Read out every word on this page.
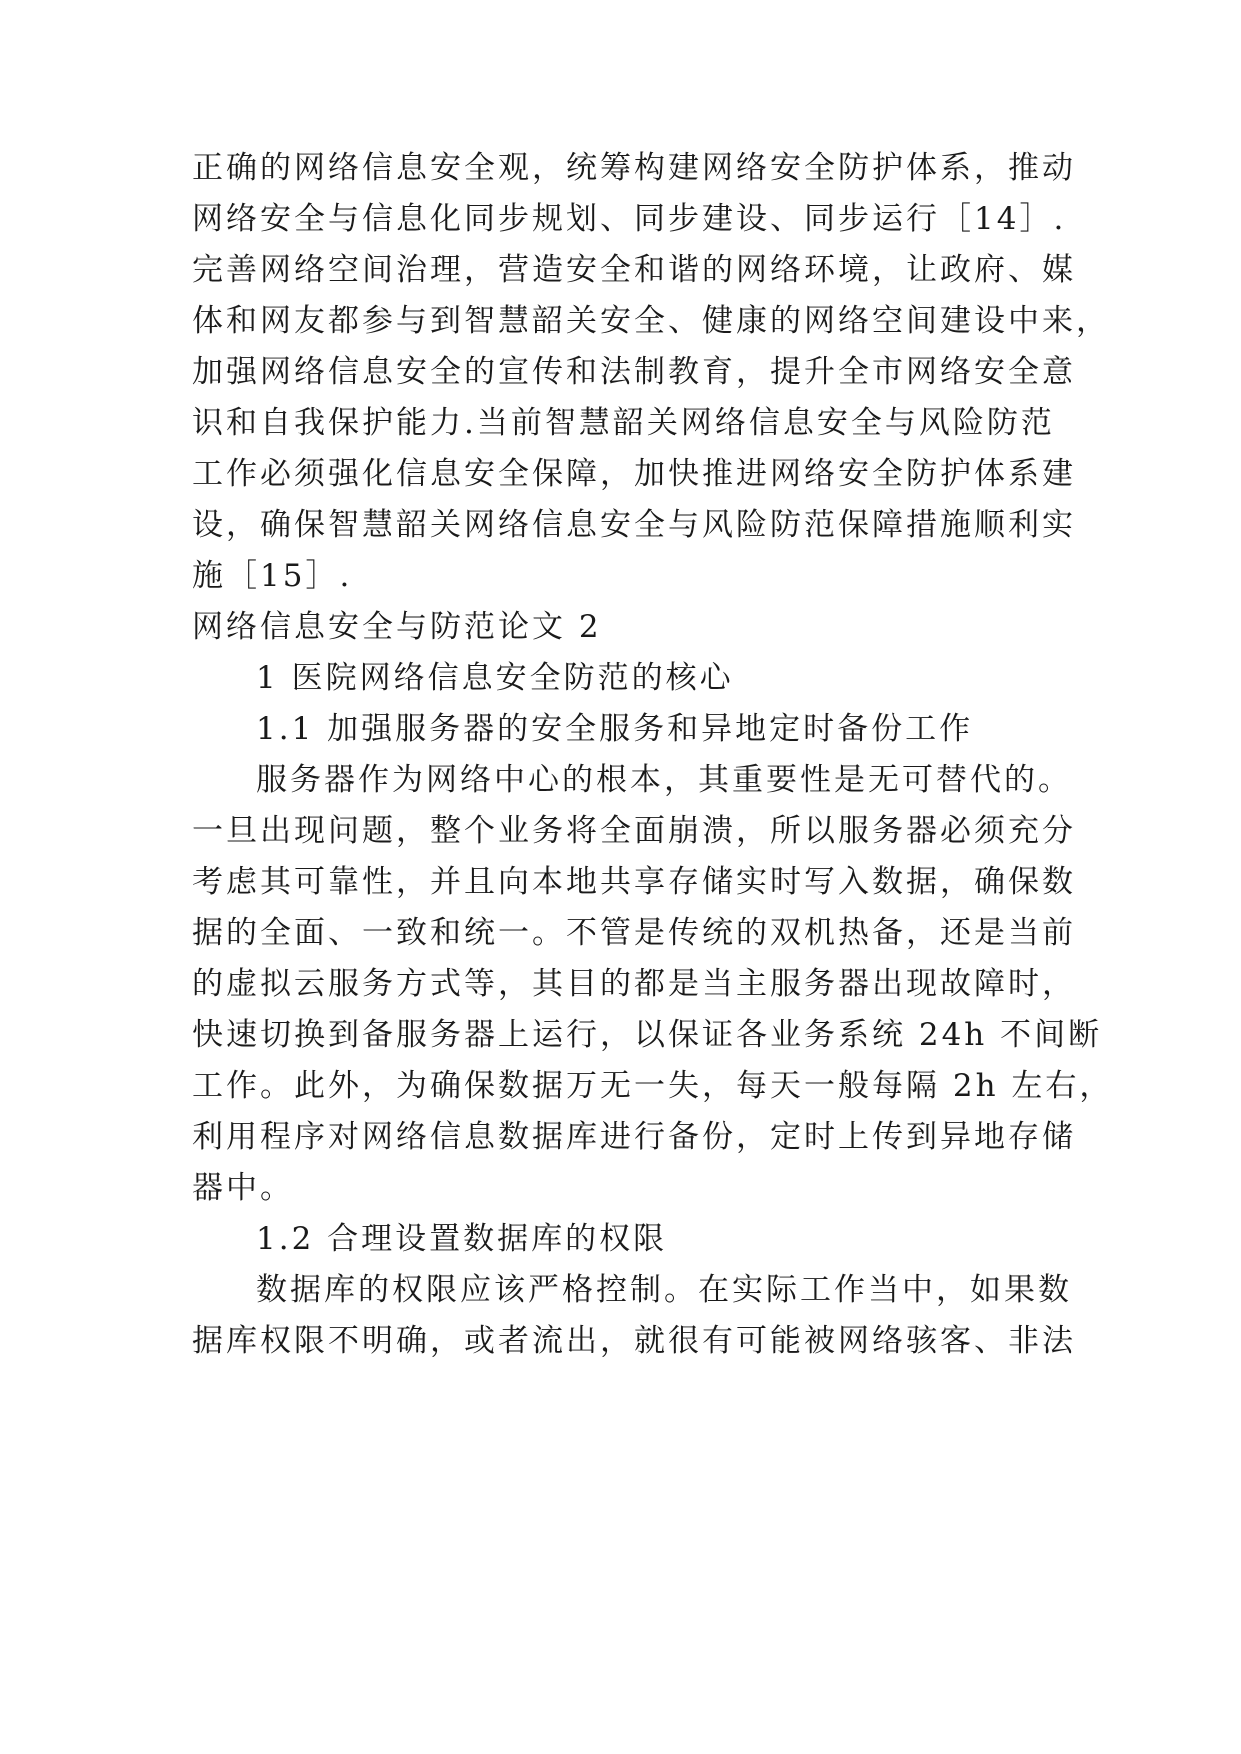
正确的网络信息安全观，统筹构建网络安全防护体系，推动
网络安全与信息化同步规划、同步建设、同步运行［14］.
完善网络空间治理，营造安全和谐的网络环境，让政府、媒
体和网友都参与到智慧韶关安全、健康的网络空间建设中来，
加强网络信息安全的宣传和法制教育，提升全市网络安全意
识和自我保护能力.当前智慧韶关网络信息安全与风险防范
工作必须强化信息安全保障，加快推进网络安全防护体系建
设，确保智慧韶关网络信息安全与风险防范保障措施顺利实
施［15］.
网络信息安全与防范论文 2
1 医院网络信息安全防范的核心
1.1 加强服务器的安全服务和异地定时备份工作
服务器作为网络中心的根本，其重要性是无可替代的。
一旦出现问题，整个业务将全面崩溃，所以服务器必须充分
考虑其可靠性，并且向本地共享存储实时写入数据，确保数
据的全面、一致和统一。不管是传统的双机热备，还是当前
的虚拟云服务方式等，其目的都是当主服务器出现故障时，
快速切换到备服务器上运行，以保证各业务系统 24h 不间断
工作。此外，为确保数据万无一失，每天一般每隔 2h 左右，
利用程序对网络信息数据库进行备份，定时上传到异地存储
器中。
1.2 合理设置数据库的权限
数据库的权限应该严格控制。在实际工作当中，如果数
据库权限不明确，或者流出，就很有可能被网络骇客、非法
